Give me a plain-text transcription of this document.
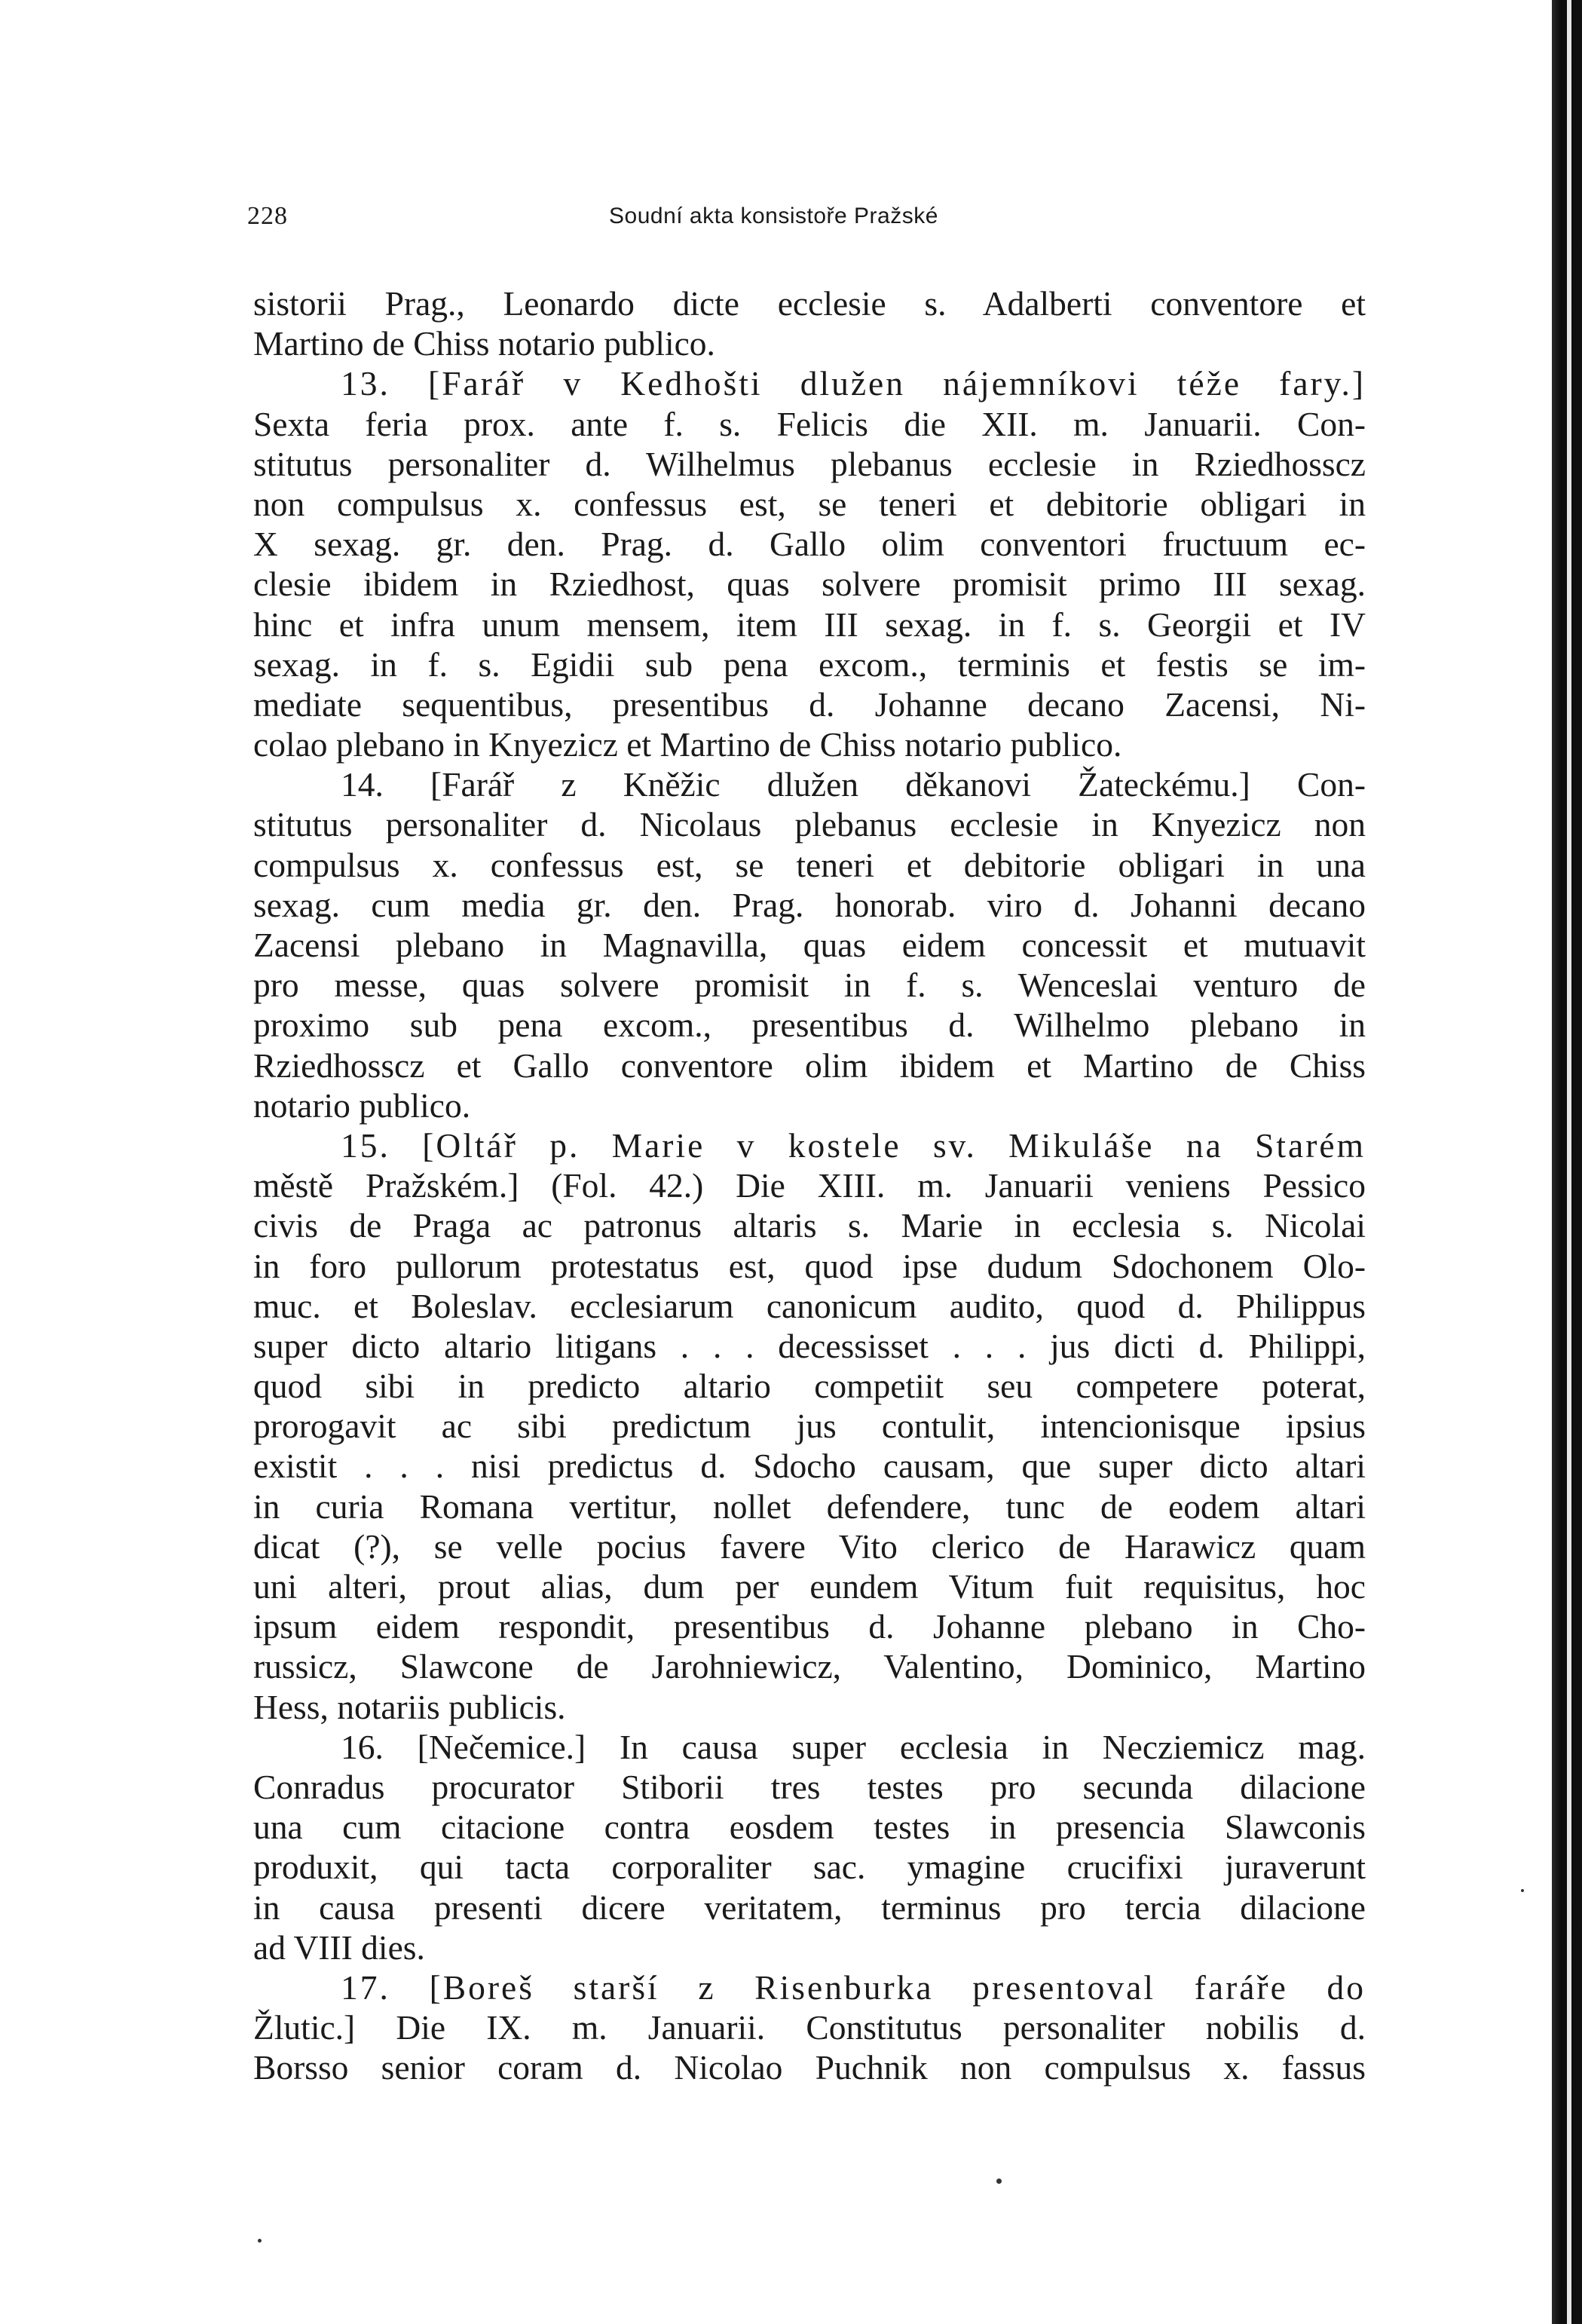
228	Soudní akta konsistoře Pražské
sistorii Prag., Leonardo dicte ecclesie s. Adalberti conventore et
Martino de Chiss notario publico.
13. [Farář v Kedhošti dlužen nájemníkovi téže fary.]
Sexta feria prox. ante f. s. Felicis die XII. m. Januarii. Con-
stitutus personaliter d. Wilhelmus plebanus ecclesie in Rziedhosscz
non compulsus x. confessus est, se teneri et debitorie obligari in
X sexag. gr. den. Prag. d. Gallo olim conventori fructuum ec-
clesie ibidem in Rziedhost, quas solvere promisit primo III sexag.
hinc et infra unum mensem, item III sexag. in f. s. Georgii et IV
sexag. in f. s. Egidii sub pena excom., terminis et festis se im-
mediate sequentibus, presentibus d. Johanne decano Zacensi, Ni-
colao plebano in Knyezicz et Martino de Chiss notario publico.
14. [Farář z Kněžic dlužen děkanovi Žateckému.] Con-
stitutus personaliter d. Nicolaus plebanus ecclesie in Knyezicz non
compulsus x. confessus est, se teneri et debitorie obligari in una
sexag. cum media gr. den. Prag. honorab. viro d. Johanni decano
Zacensi plebano in Magnavilla, quas eidem concessit et mutuavit
pro messe, quas solvere promisit in f. s. Wenceslai venturo de
proximo sub pena excom., presentibus d. Wilhelmo plebano in
Rziedhosscz et Gallo conventore olim ibidem et Martino de Chiss
notario publico.
15. [Oltář p. Marie v kostele sv. Mikuláše na Starém
městě Pražském.] (Fol. 42.) Die XIII. m. Januarii veniens Pessico
civis de Praga ac patronus altaris s. Marie in ecclesia s. Nicolai
in foro pullorum protestatus est, quod ipse dudum Sdochonem Olo-
muc. et Boleslav. ecclesiarum canonicum audito, quod d. Philippus
super dicto altario litigans . . . decessisset . . . jus dicti d. Philippi,
quod sibi in predicto altario competiit seu competere poterat,
prorogavit ac sibi predictum jus contulit, intencionisque ipsius
existit . . . nisi predictus d. Sdocho causam, que super dicto altari
in curia Romana vertitur, nollet defendere, tunc de eodem altari
dicat (?), se velle pocius favere Vito clerico de Harawicz quam
uni alteri, prout alias, dum per eundem Vitum fuit requisitus, hoc
ipsum eidem respondit, presentibus d. Johanne plebano in Cho-
russicz, Slawcone de Jarohniewicz, Valentino, Dominico, Martino
Hess, notariis publicis.
16. [Nečemice.] In causa super ecclesia in Necziemicz mag.
Conradus procurator Stiborii tres testes pro secunda dilacione
una cum citacione contra eosdem testes in presencia Slawconis
produxit, qui tacta corporaliter sac. ymagine crucifixi juraverunt
in causa presenti dicere veritatem, terminus pro tercia dilacione
ad VIII dies.
17. [Boreš starší z Risenburka presentoval faráře do
Žlutic.] Die IX. m. Januarii. Constitutus personaliter nobilis d.
Borsso senior coram d. Nicolao Puchnik non compulsus x. fassus
